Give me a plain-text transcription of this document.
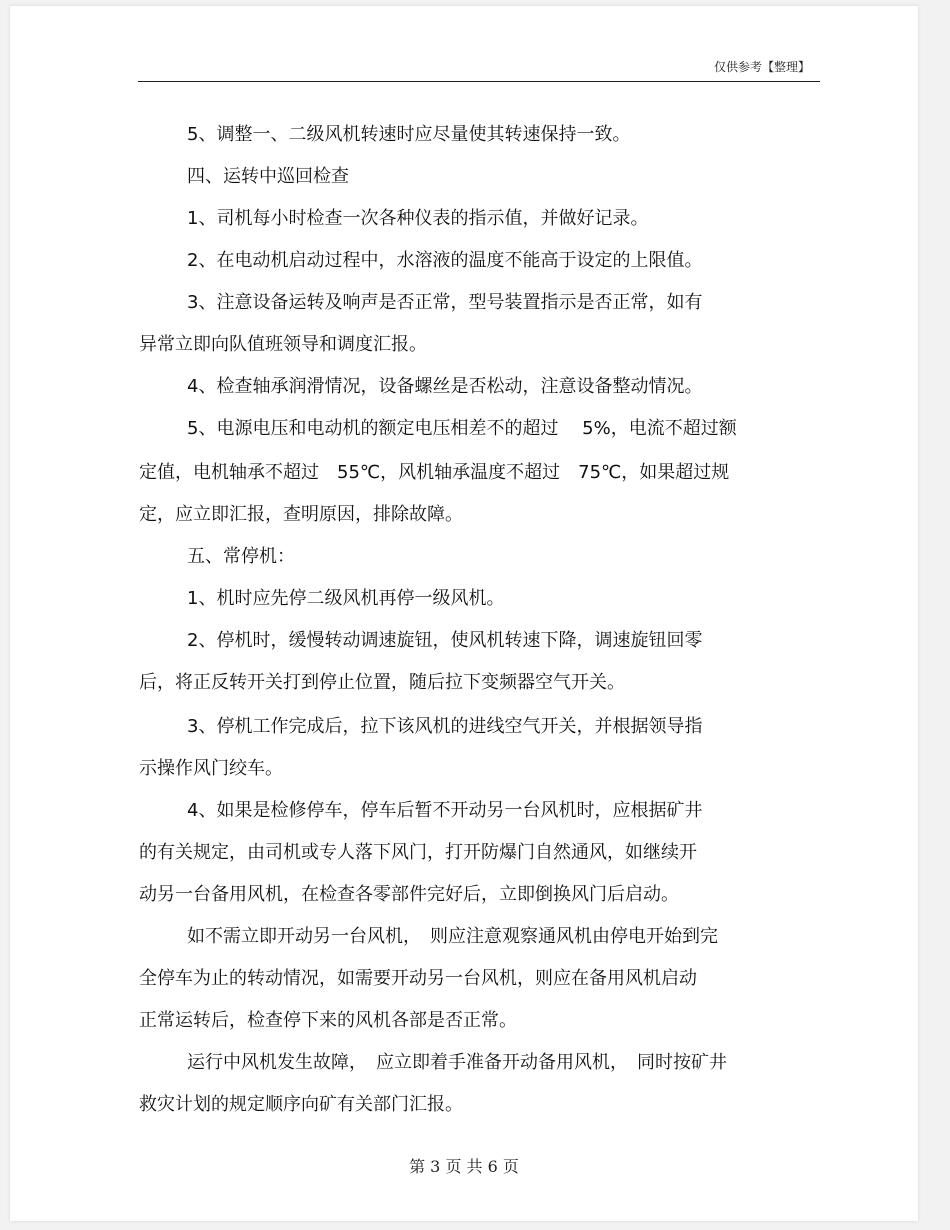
仅供参考【整理】
5、调整一、二级风机转速时应尽量使其转速保持一致。
四、运转中巡回检查
1、司机每小时检查一次各种仪表的指示值，并做好记录。
2、在电动机启动过程中，水溶液的温度不能高于设定的上限值。
3、注意设备运转及响声是否正常，型号装置指示是否正常，如有
异常立即向队值班领导和调度汇报。
4、检查轴承润滑情况，设备螺丝是否松动，注意设备整动情况。
5、电源电压和电动机的额定电压相差不的超过　 5%，电流不超过额
定值，电机轴承不超过　55℃，风机轴承温度不超过　75℃，如果超过规
定，应立即汇报，查明原因，排除故障。
五、常停机：
1、机时应先停二级风机再停一级风机。
2、停机时，缓慢转动调速旋钮，使风机转速下降，调速旋钮回零
后，将正反转开关打到停止位置，随后拉下变频器空气开关。
3、停机工作完成后，拉下该风机的进线空气开关，并根据领导指
示操作风门绞车。
4、如果是检修停车，停车后暂不开动另一台风机时，应根据矿井
的有关规定，由司机或专人落下风门，打开防爆门自然通风，如继续开
动另一台备用风机，在检查各零部件完好后，立即倒换风门后启动。
如不需立即开动另一台风机，　则应注意观察通风机由停电开始到完
全停车为止的转动情况，如需要开动另一台风机，则应在备用风机启动
正常运转后，检查停下来的风机各部是否正常。
运行中风机发生故障，　应立即着手准备开动备用风机，　同时按矿井
救灾计划的规定顺序向矿有关部门汇报。
第 3 页 共 6 页
